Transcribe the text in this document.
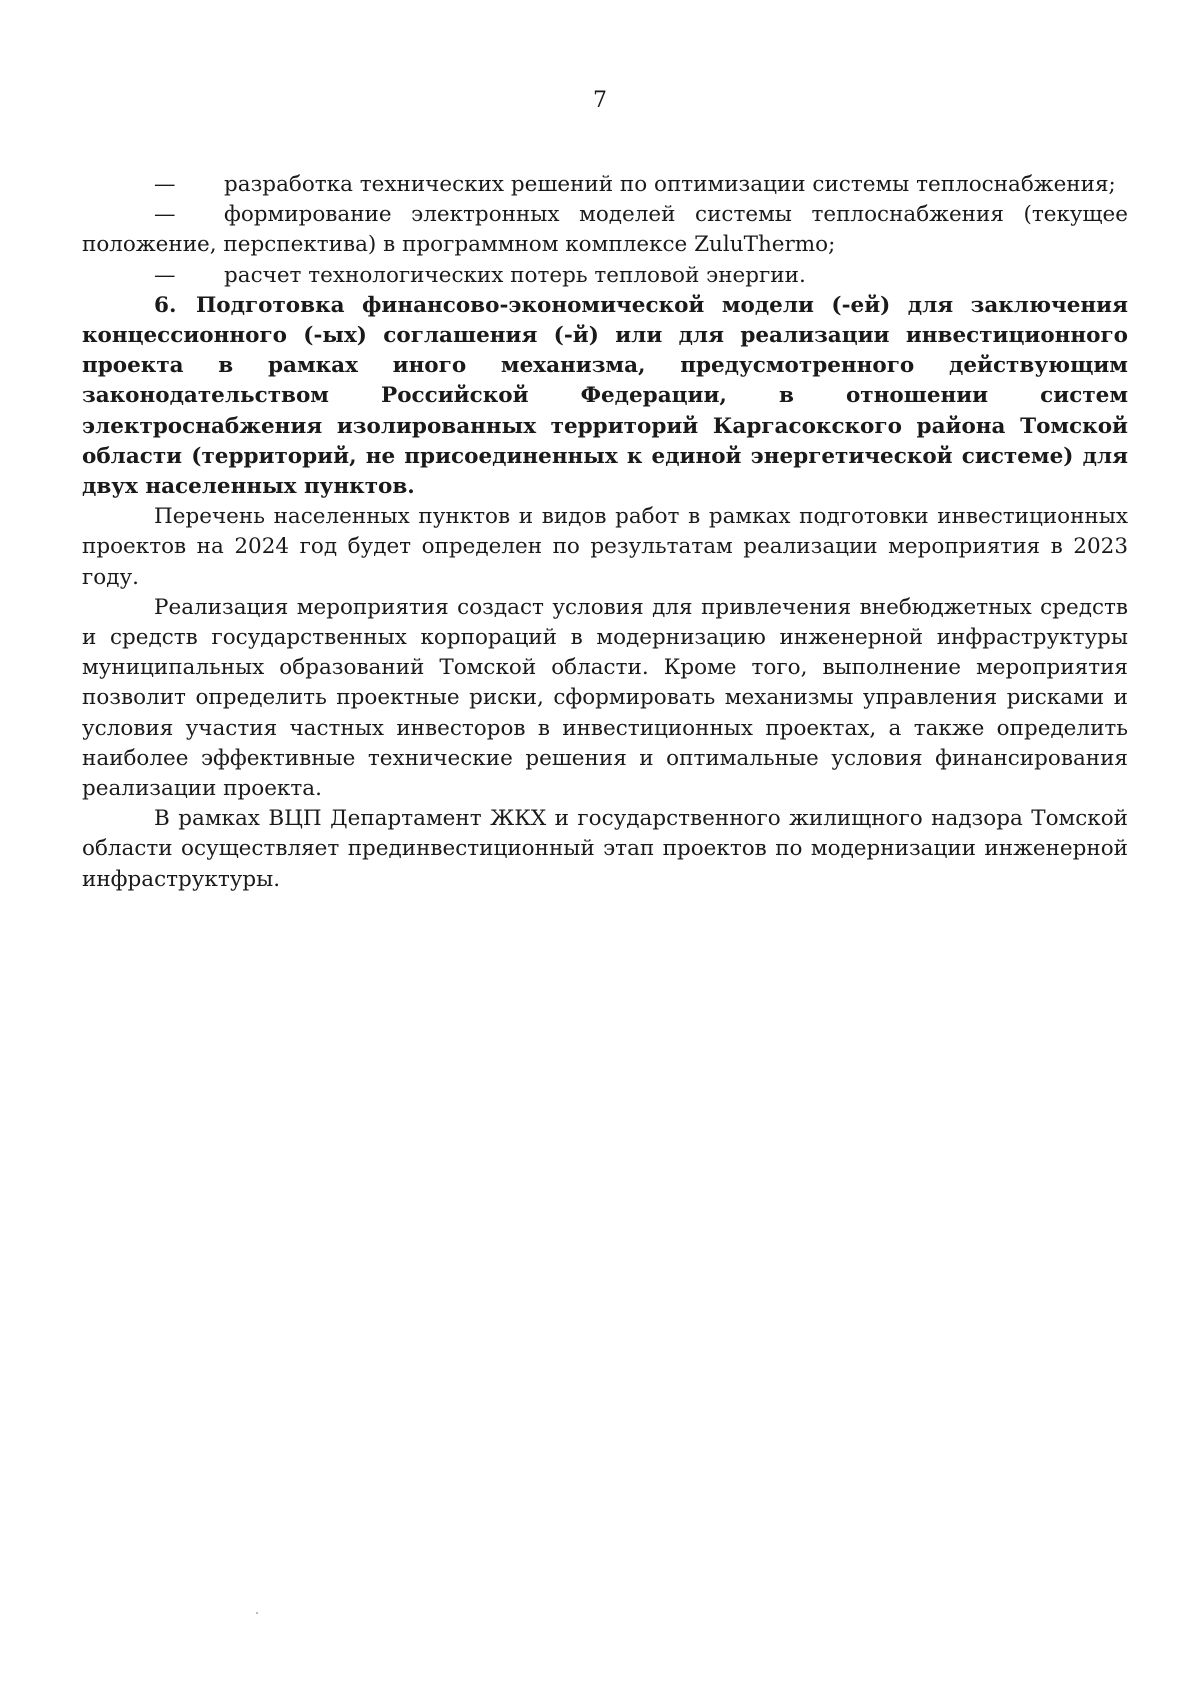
7

— разработка технических решений по оптимизации системы теплоснабжения;

— формирование электронных моделей системы теплоснабжения (текущее положение, перспектива) в программном комплексе ZuluThermo;

— расчет технологических потерь тепловой энергии.

6. Подготовка финансово-экономической модели (-ей) для заключения концессионного (-ых) соглашения (-й) или для реализации инвестиционного проекта в рамках иного механизма, предусмотренного действующим законодательством Российской Федерации, в отношении систем электроснабжения изолированных территорий Каргасокского района Томской области (территорий, не присоединенных к единой энергетической системе) для двух населенных пунктов.

Перечень населенных пунктов и видов работ в рамках подготовки инвестиционных проектов на 2024 год будет определен по результатам реализации мероприятия в 2023 году.

Реализация мероприятия создаст условия для привлечения внебюджетных средств и средств государственных корпораций в модернизацию инженерной инфраструктуры муниципальных образований Томской области. Кроме того, выполнение мероприятия позволит определить проектные риски, сформировать механизмы управления рисками и условия участия частных инвесторов в инвестиционных проектах, а также определить наиболее эффективные технические решения и оптимальные условия финансирования реализации проекта.

В рамках ВЦП Департамент ЖКХ и государственного жилищного надзора Томской области осуществляет прединвестиционный этап проектов по модернизации инженерной инфраструктуры.
